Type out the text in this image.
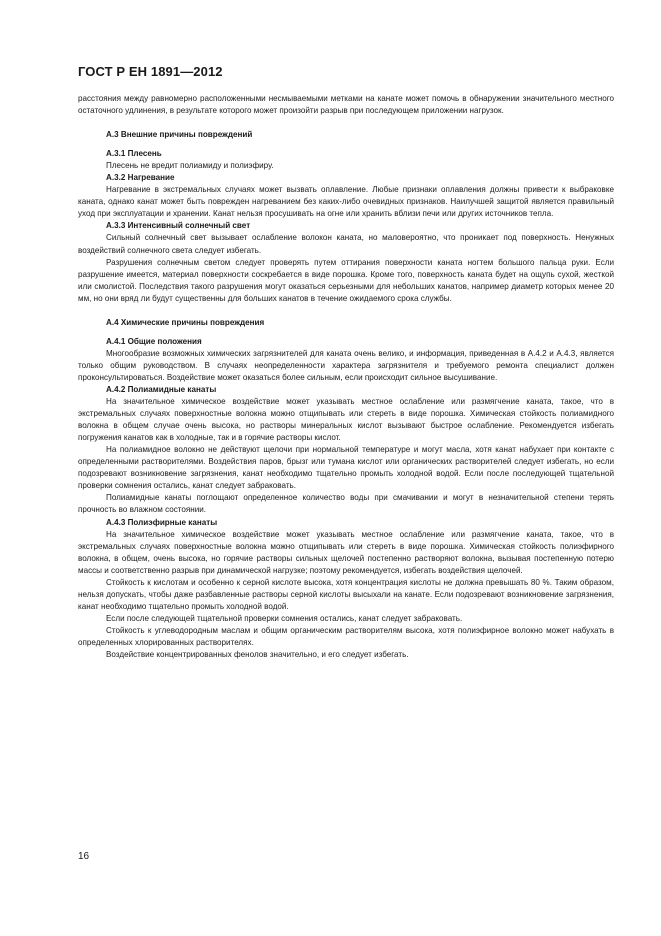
ГОСТ Р ЕН 1891—2012

расстояния между равномерно расположенными несмываемыми метками на канате может помочь в обнаружении значительного местного остаточного удлинения, в результате которого может произойти разрыв при последующем приложении нагрузок.

А.3 Внешние причины повреждений

А.3.1 Плесень

Плесень не вредит полиамиду и полиэфиру.

А.3.2 Нагревание

Нагревание в экстремальных случаях может вызвать оплавление. Любые признаки оплавления должны привести к выбраковке каната, однако канат может быть поврежден нагреванием без каких-либо очевидных признаков. Наилучшей защитой является правильный уход при эксплуатации и хранении. Канат нельзя просушивать на огне или хранить вблизи печи или других источников тепла.

А.3.3 Интенсивный солнечный свет

Сильный солнечный свет вызывает ослабление волокон каната, но маловероятно, что проникает под поверхность. Ненужных воздействий солнечного света следует избегать.

Разрушения солнечным светом следует проверять путем оттирания поверхности каната ногтем большого пальца руки. Если разрушение имеется, материал поверхности соскребается в виде порошка. Кроме того, поверхность каната будет на ощупь сухой, жесткой или смолистой. Последствия такого разрушения могут оказаться серьезными для небольших канатов, например диаметр которых менее 20 мм, но они вряд ли будут существенны для больших канатов в течение ожидаемого срока службы.

А.4 Химические причины повреждения

А.4.1 Общие положения

Многообразие возможных химических загрязнителей для каната очень велико, и информация, приведенная в А.4.2 и А.4.3, является только общим руководством. В случаях неопределенности характера загрязнителя и требуемого ремонта специалист должен проконсультироваться. Воздействие может оказаться более сильным, если происходит сильное высушивание.

А.4.2 Полиамидные канаты

На значительное химическое воздействие может указывать местное ослабление или размягчение каната, такое, что в экстремальных случаях поверхностные волокна можно отщипывать или стереть в виде порошка. Химическая стойкость полиамидного волокна в общем случае очень высока, но растворы минеральных кислот вызывают быстрое ослабление. Рекомендуется избегать погружения канатов как в холодные, так и в горячие растворы кислот.

На полиамидное волокно не действуют щелочи при нормальной температуре и могут масла, хотя канат набухает при контакте с определенными растворителями. Воздействия паров, брызг или тумана кислот или органических растворителей следует избегать, но если подозревают возникновение загрязнения, канат необходимо тщательно промыть холодной водой. Если после последующей тщательной проверки сомнения остались, канат следует забраковать.

Полиамидные канаты поглощают определенное количество воды при смачивании и могут в незначительной степени терять прочность во влажном состоянии.

А.4.3 Полиэфирные канаты

На значительное химическое воздействие может указывать местное ослабление или размягчение каната, такое, что в экстремальных случаях поверхностные волокна можно отщипывать или стереть в виде порошка. Химическая стойкость полиэфирного волокна, в общем, очень высока, но горячие растворы сильных щелочей постепенно растворяют волокна, вызывая постепенную потерю массы и соответственно разрыв при динамической нагрузке; поэтому рекомендуется, избегать воздействия щелочей.

Стойкость к кислотам и особенно к серной кислоте высока, хотя концентрация кислоты не должна превышать 80 %. Таким образом, нельзя допускать, чтобы даже разбавленные растворы серной кислоты высыхали на канате. Если подозревают возникновение загрязнения, канат необходимо тщательно промыть холодной водой.

Если после следующей тщательной проверки сомнения остались, канат следует забраковать.

Стойкость к углеводородным маслам и общим органическим растворителям высока, хотя полиэфирное волокно может набухать в определенных хлорированных растворителях.

Воздействие концентрированных фенолов значительно, и его следует избегать.

16
